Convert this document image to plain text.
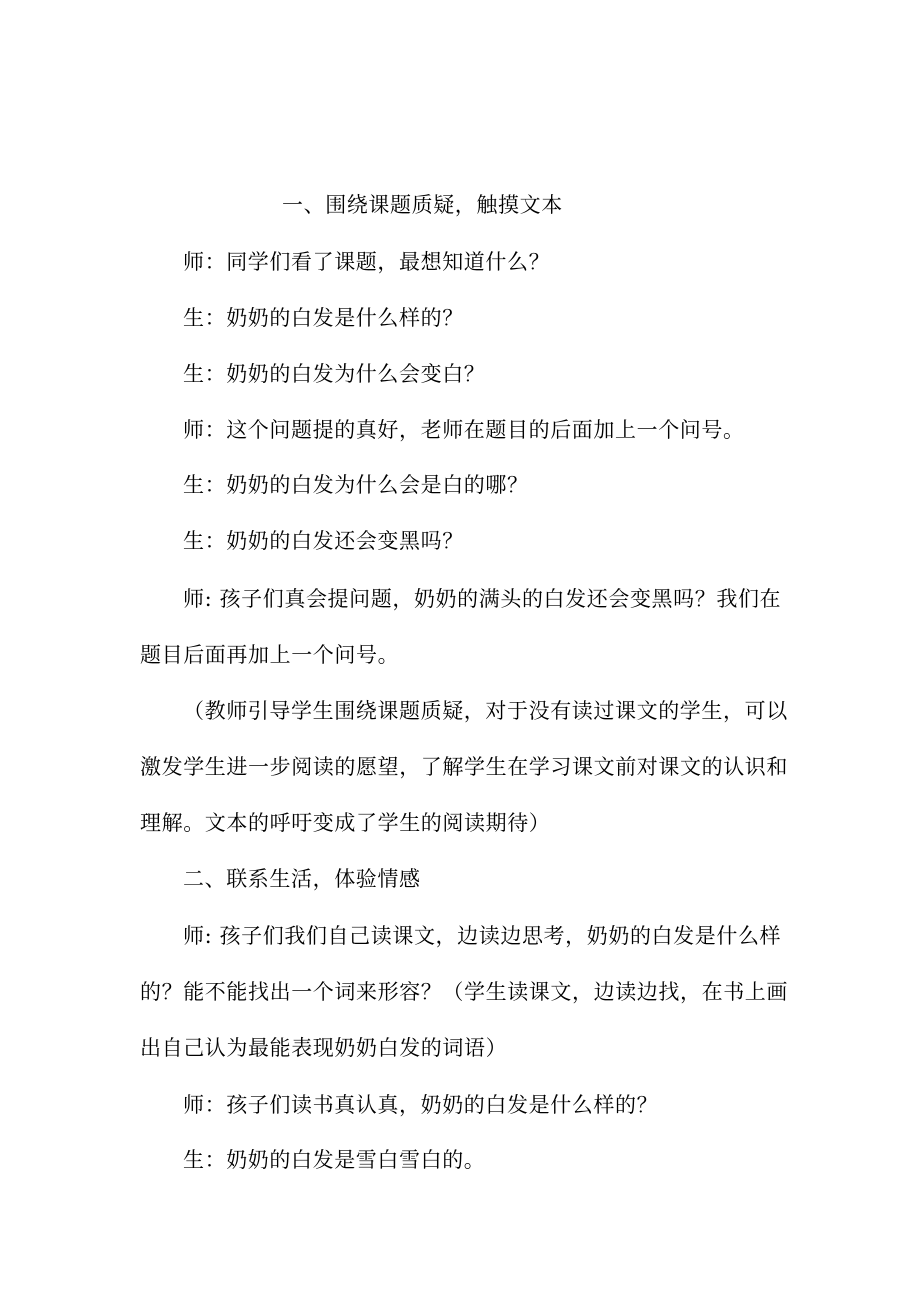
一、围绕课题质疑，触摸文本
师：同学们看了课题，最想知道什么？
生：奶奶的白发是什么样的？
生：奶奶的白发为什么会变白？
师：这个问题提的真好，老师在题目的后面加上一个问号。
生：奶奶的白发为什么会是白的哪？
生：奶奶的白发还会变黑吗？
师: 孩子们真会提问题，奶奶的满头的白发还会变黑吗？我们在
题目后面再加上一个问号。
（教师引导学生围绕课题质疑，对于没有读过课文的学生，可以
激发学生进一步阅读的愿望，了解学生在学习课文前对课文的认识和
理解。文本的呼吁变成了学生的阅读期待）
二、联系生活，体验情感
师: 孩子们我们自己读课文，边读边思考，奶奶的白发是什么样
的？能不能找出一个词来形容？（学生读课文，边读边找，在书上画
出自己认为最能表现奶奶白发的词语）
师：孩子们读书真认真，奶奶的白发是什么样的？
生：奶奶的白发是雪白雪白的。
